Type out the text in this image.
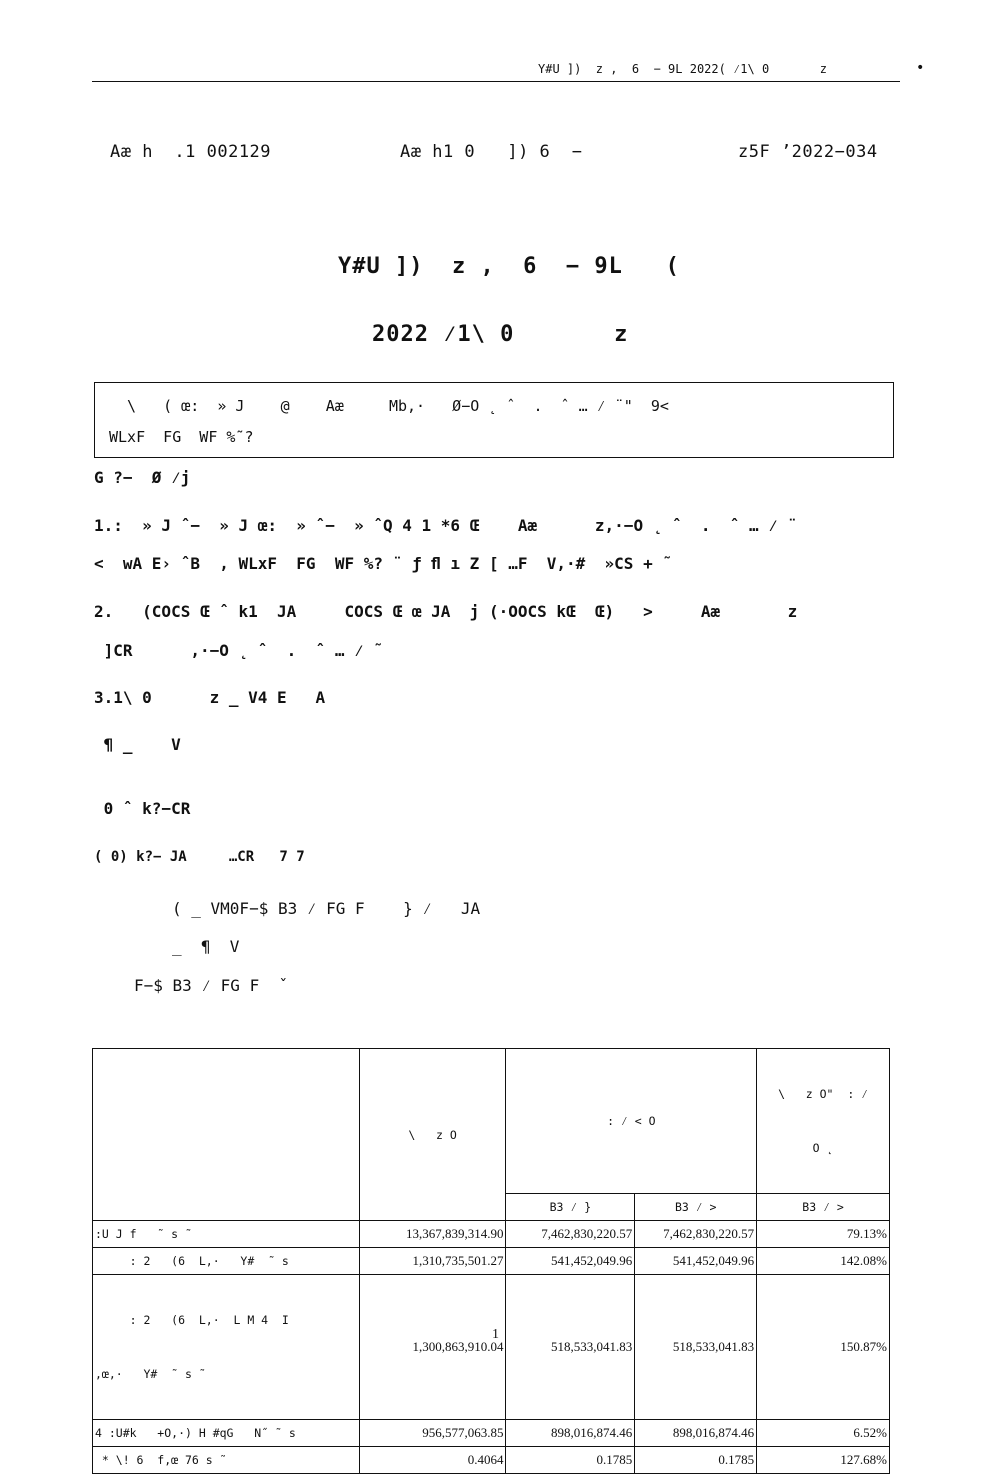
Y#U ])  z ,  6  − 9L 2022( ⁄1\ 0       z	•
Aæ h  .1 002129	Aæ h1 0   ]) 6  −	z5F ’2022−034
Y#U ])  z ,  6  − 9L   (
2022 ⁄1\ 0       z
\   ( œ:  » J    @    Aæ     Mb,·   Ø−O ˛ ˆ  .  ˆ … ⁄ ¨"  9<
WLxF  FG  WF %˜?
G ?−  Ø ⁄j
1.:  » J ˆ−  » J œ:  » ˆ−  » ˆQ 4 1 *6 Œ    Aæ      z,·−O ˛ ˆ  .  ˆ … ⁄ ¨
<  wA E› ˆB  , WLxF  FG  WF %? ¨ ƒ ﬂ ı Z [ …F  V,·#  »CS + ˜
2.   (COCS Œ ˆ k1  JA     COCS Œ œ JA  j (·OOCS kŒ  Œ)   >     Aæ       z
]CR      ,·−O ˛ ˆ  .  ˆ … ⁄ ˜
3.1\ 0      z _ V4 E   A
¶ _    V
0 ˆ k?−CR
( 0) k?− JA     …CR   7 7
( _ VM0F−$ B3 ⁄ FG F    } ⁄   JA
_  ¶  V
F−$ B3 ⁄ FG F  ˇ
	\   z O	: ⁄ < O		\   z O"  : ⁄

O ˛

		B3 ⁄ }	B3 ⁄ >	B3 ⁄ >
:U J f   ˜ s ˜	13,367,839,314.90	7,462,830,220.57	7,462,830,220.57	79.13%
: 2   (6  L,·   Y#  ˜ s	1,310,735,501.27	541,452,049.96	541,452,049.96	142.08%

: 2   (6  L,·  L M 4  I

,œ,·   Y#  ˜ s ˜	1,300,863,910.04	518,533,041.83	518,533,041.83	150.87%
4 :U#k   +O,·) H #qG   N˝ ˜ s	956,577,063.85	898,016,874.46	898,016,874.46	6.52%
* \! 6  f,œ 76 s ˜	0.4064	0.1785	0.1785	127.68%
1
